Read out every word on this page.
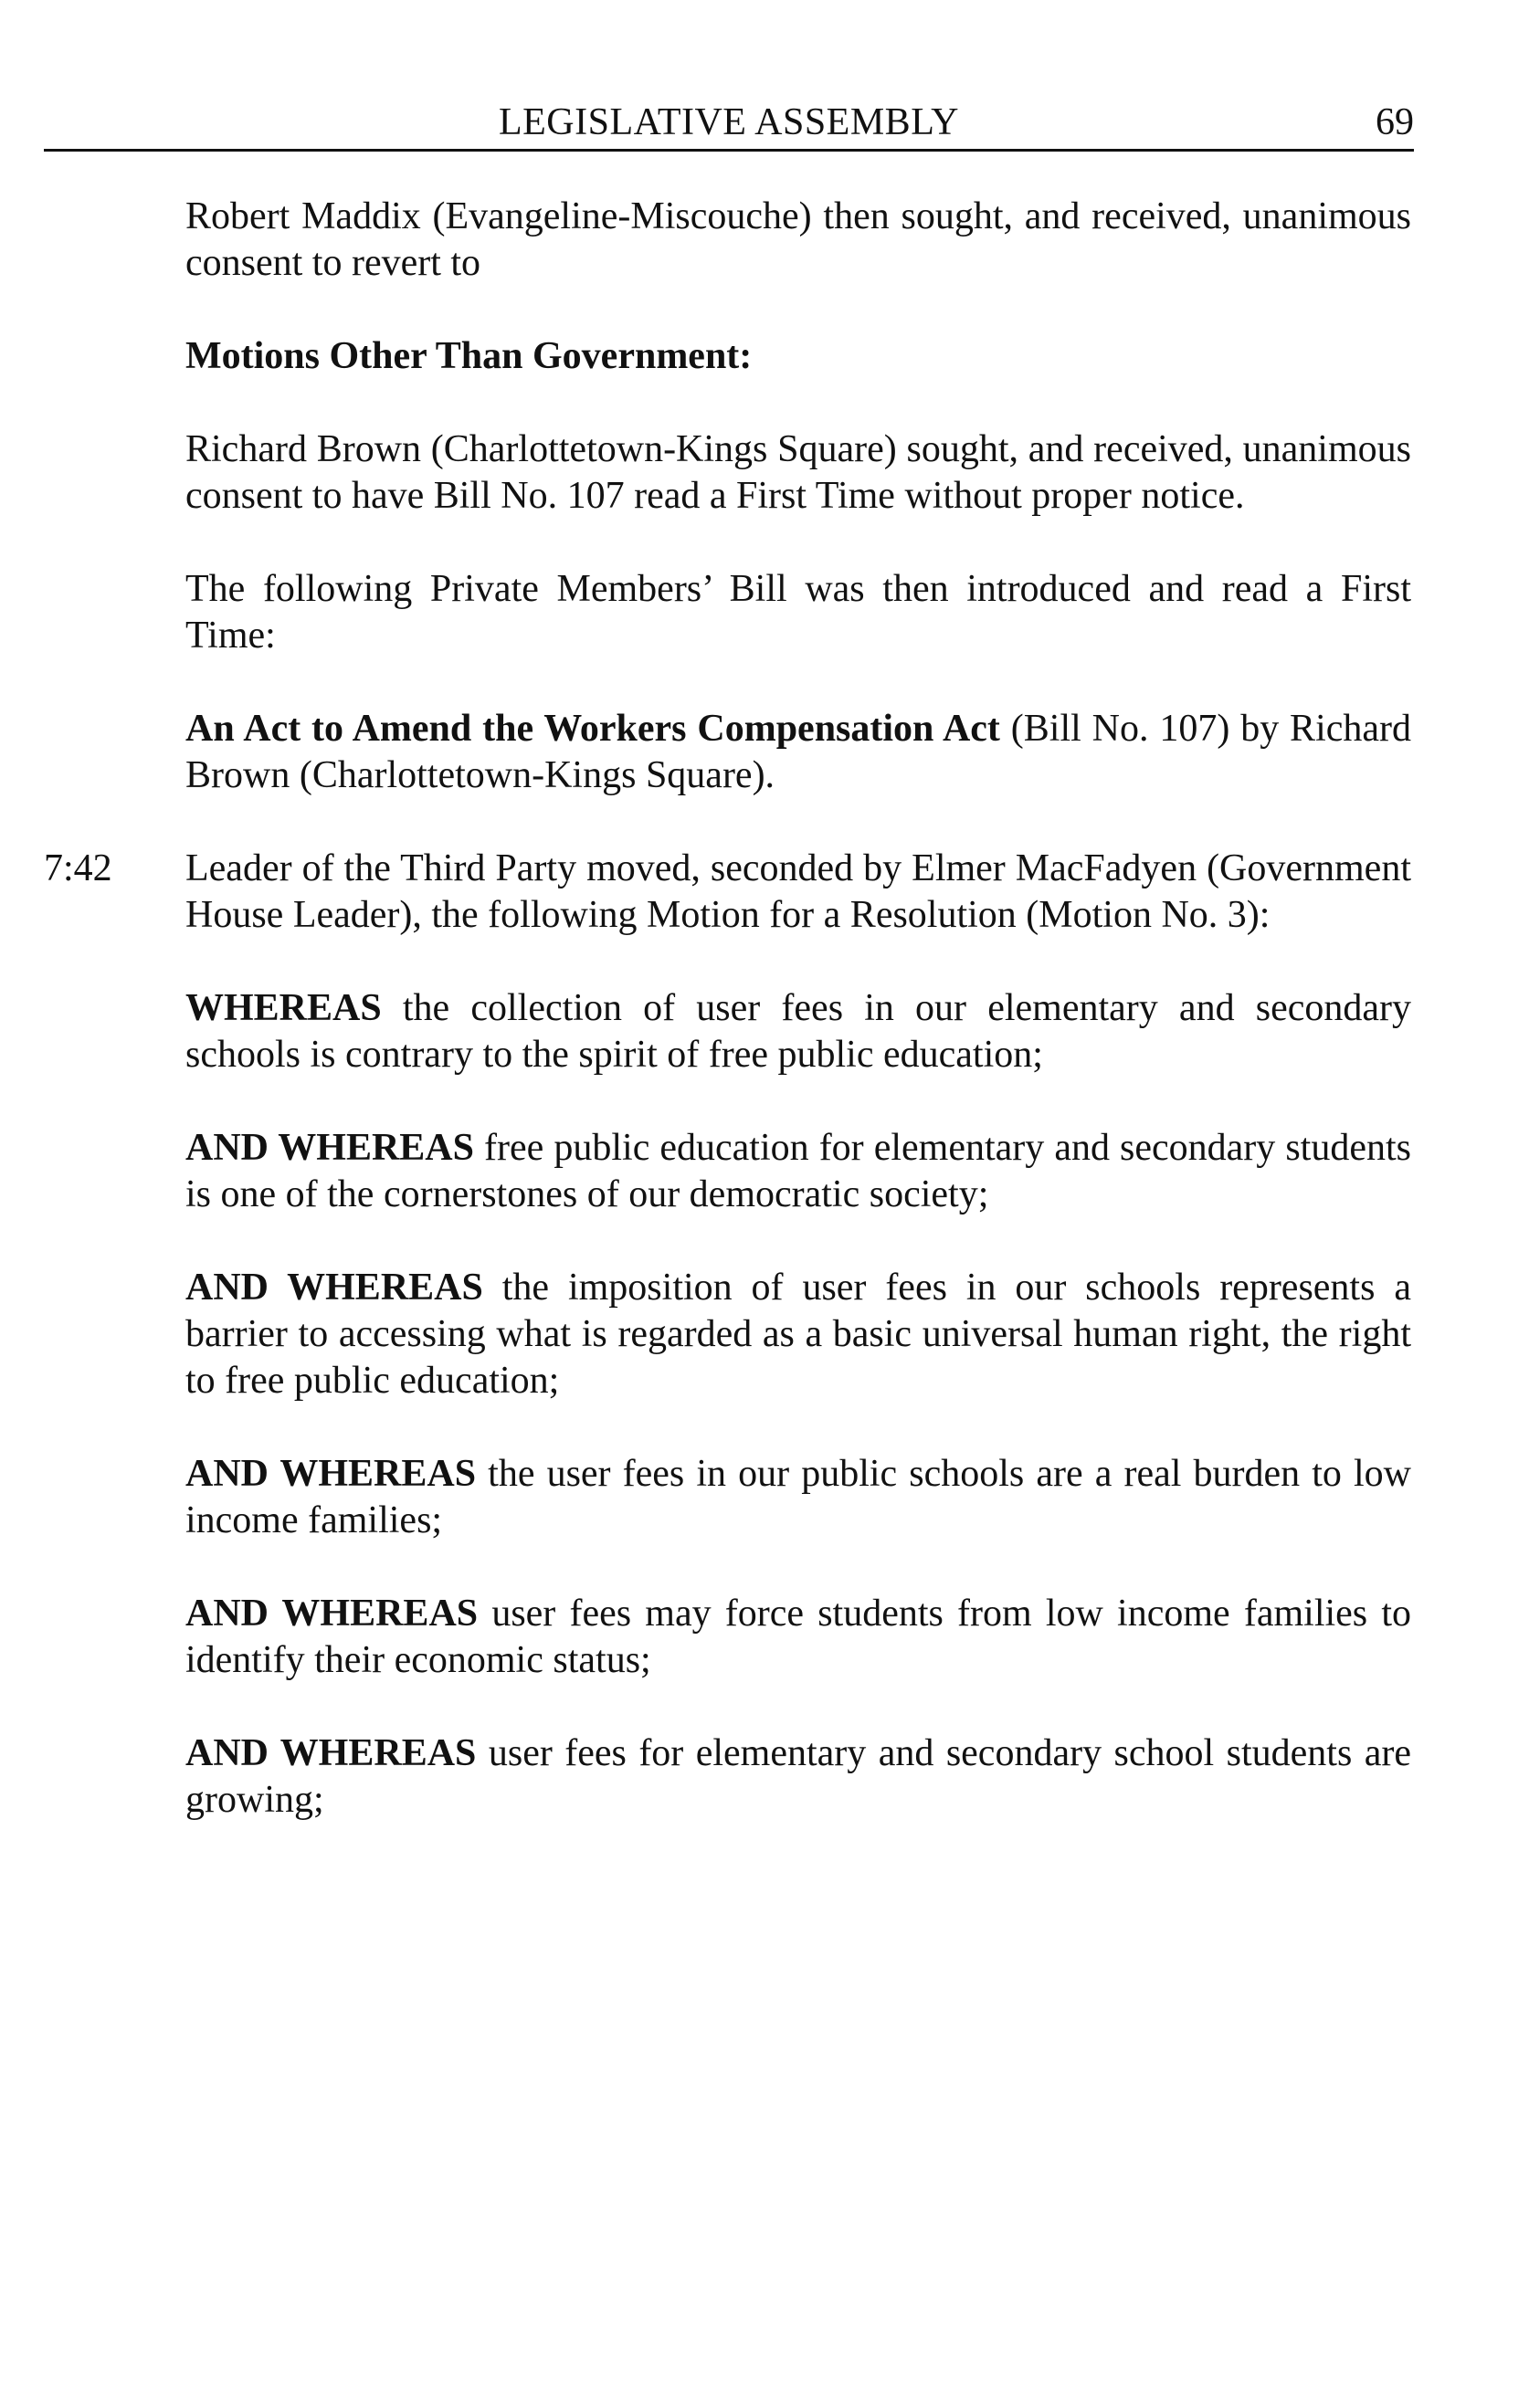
LEGISLATIVE ASSEMBLY	69

Robert Maddix (Evangeline-Miscouche) then sought, and received, unanimous consent to revert to

Motions Other Than Government:

Richard Brown (Charlottetown-Kings Square) sought, and received, unanimous consent to have Bill No. 107 read a First Time without proper notice.

The following Private Members’ Bill was then introduced and read a First Time:

An Act to Amend the Workers Compensation Act (Bill No. 107) by Richard Brown (Charlottetown-Kings Square).

7:42 Leader of the Third Party moved, seconded by Elmer MacFadyen (Government House Leader), the following Motion for a Resolution (Motion No. 3):

WHEREAS the collection of user fees in our elementary and secondary schools is contrary to the spirit of free public education;

AND WHEREAS free public education for elementary and secondary students is one of the cornerstones of our democratic society;

AND WHEREAS the imposition of user fees in our schools represents a barrier to accessing what is regarded as a basic universal human right, the right to free public education;

AND WHEREAS the user fees in our public schools are a real burden to low income families;

AND WHEREAS user fees may force students from low income families to identify their economic status;

AND WHEREAS user fees for elementary and secondary school students are growing;
